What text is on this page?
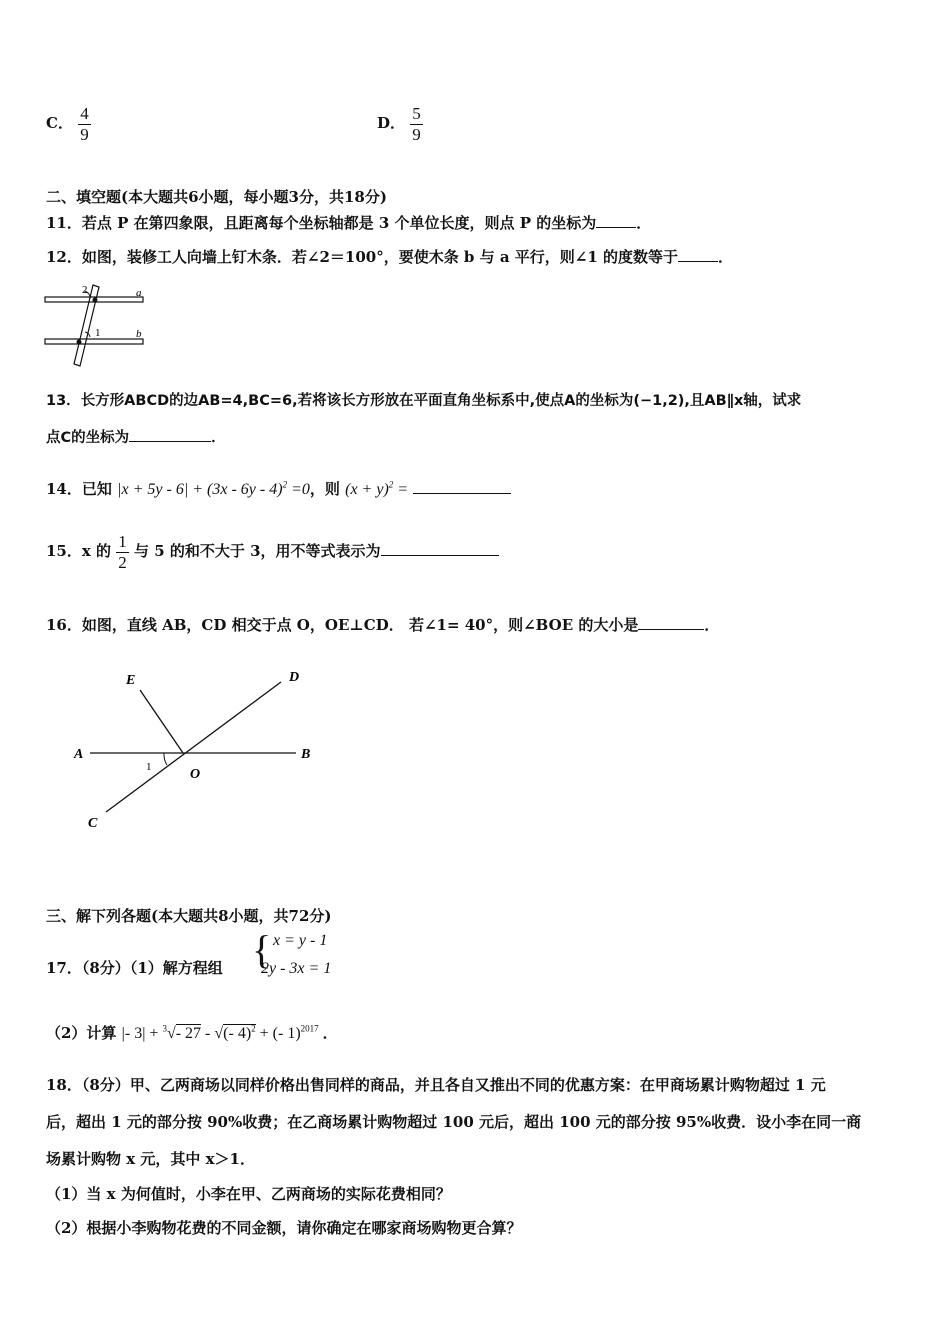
C． $\frac{4}{9}$	D． $\frac{5}{9}$
二、填空题(本大题共6小题，每小题3分，共18分)
11．若点 P 在第四象限，且距离每个坐标轴都是 3 个单位长度，则点 P 的坐标为	．
12．如图，装修工人向墙上钉木条．若∠2＝100°，要使木条 b 与 a 平行，则∠1 的度数等于	．
2
1
a
b
13．长方形ABCD的边AB=4,BC=6,若将该长方形放在平面直角坐标系中,使点A的坐标为(−1,2),且AB∥x轴，试求
点C的坐标为	．
14．已知 |x + 5y - 6| + (3x - 6y - 4)$^2$ =0，则 $(x + y)^2$ =
15．x 的 $\frac{1}{2}$ 与 5 的和不大于 3，用不等式表示为
16．如图，直线 AB，CD 相交于点 O，OE⊥CD． 若∠1= 40°，则∠BOE 的大小是	．
A	B
C
D
E
O
1
三、解下列各题(本大题共8小题，共72分)
17．（8分）（1）解方程组 { x = y - 1
2y - 3x = 1
（2）计算 |- 3| + $^3$√- 27 - √(- 4)$^2$ + (- 1)$^{2017}$ ．
18．（8分）甲、乙两商场以同样价格出售同样的商品，并且各自又推出不同的优惠方案：在甲商场累计购物超过 1 元
后，超出 1 元的部分按 90%收费；在乙商场累计购物超过 100 元后，超出 100 元的部分按 95%收费．设小李在同一商
场累计购物 x 元，其中 x＞1．
（1）当 x 为何值时，小李在甲、乙两商场的实际花费相同？
（2）根据小李购物花费的不同金额，请你确定在哪家商场购物更合算？
